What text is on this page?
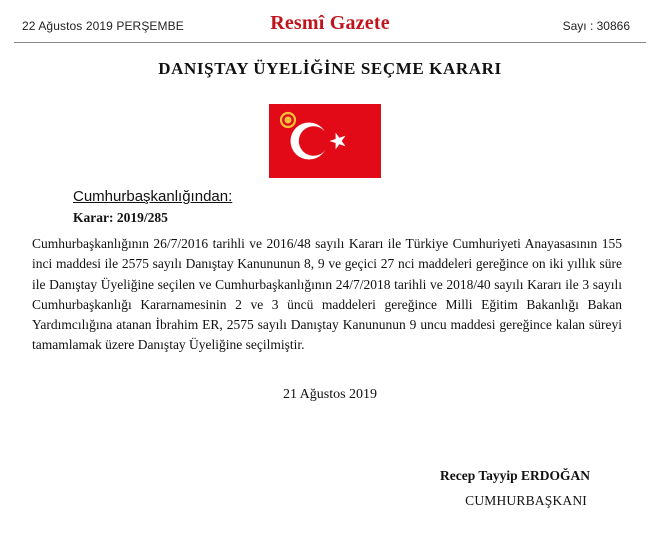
22 Ağustos 2019 PERŞEMBE	Resmî Gazete	Sayı : 30866
DANIŞTAY ÜYELİĞİNE SEÇME KARARI
Cumhurbaşkanlığından:
Karar: 2019/285
Cumhurbaşkanlığının 26/7/2016 tarihli ve 2016/48 sayılı Kararı ile Türkiye Cumhuriyeti Anayasasının 155 inci maddesi ile 2575 sayılı Danıştay Kanununun 8, 9 ve geçici 27 nci maddeleri gereğince on iki yıllık süre ile Danıştay Üyeliğine seçilen ve Cumhurbaşkanlığının 24/7/2018 tarihli ve 2018/40 sayılı Kararı ile 3 sayılı Cumhurbaşkanlığı Kararnamesinin 2 ve 3 üncü maddeleri gereğince Milli Eğitim Bakanlığı Bakan Yardımcılığına atanan İbrahim ER, 2575 sayılı Danıştay Kanununun 9 uncu maddesi gereğince kalan süreyi tamamlamak üzere Danıştay Üyeliğine seçilmiştir.
21 Ağustos 2019
Recep Tayyip ERDOĞAN
CUMHURBAŞKANI
